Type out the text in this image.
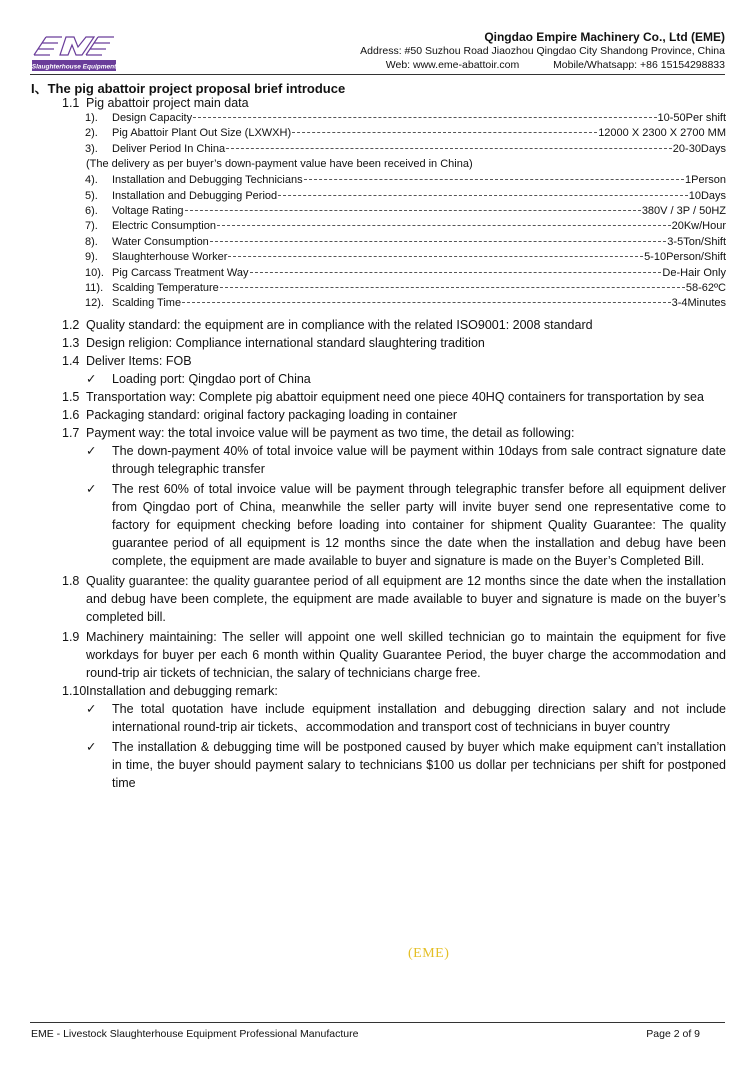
Slaughterhouse Equipment
Qingdao Empire Machinery Co., Ltd (EME)
Address: #50 Suzhou Road Jiaozhou Qingdao City Shandong Province, China
Web: www.eme-abattoir.com	Mobile/Whatsapp: +86 15154298833
I、The pig abattoir project proposal brief introduce
1.1 Pig abattoir project main data
1).	Design Capacity	10-50Per shift
2).	Pig Abattoir Plant Out Size (LXWXH)	12000 X 2300 X 2700 MM
3).	Deliver Period In China	20-30Days
(The delivery as per buyer’s down-payment value have been received in China)
4).	Installation and Debugging Technicians	1Person
5).	Installation and Debugging Period	10Days
6).	Voltage Rating	380V / 3P / 50HZ
7).	Electric Consumption	20Kw/Hour
8).	Water Consumption	3-5Ton/Shift
9).	Slaughterhouse Worker	5-10Person/Shift
10). Pig Carcass Treatment Way	De-Hair Only
11). Scalding Temperature	58-62ºC
12). Scalding Time	3-4Minutes
1.2 Quality standard: the equipment are in compliance with the related ISO9001: 2008 standard
1.3 Design religion: Compliance international standard slaughtering tradition
1.4 Deliver Items: FOB
✓	Loading port: Qingdao port of China
1.5 Transportation way: Complete pig abattoir equipment need one piece 40HQ containers for transportation by sea
1.6 Packaging standard: original factory packaging loading in container
1.7 Payment way: the total invoice value will be payment as two time, the detail as following:
✓	The down-payment 40% of total invoice value will be payment within 10days from sale contract signature date through telegraphic transfer
✓	The rest 60% of total invoice value will be payment through telegraphic transfer before all equipment deliver from Qingdao port of China, meanwhile the seller party will invite buyer send one representative come to factory for equipment checking before loading into container for shipment Quality Guarantee: The quality guarantee period of all equipment is 12 months since the date when the installation and debug have been complete, the equipment are made available to buyer and signature is made on the Buyer’s Completed Bill.
1.8 Quality guarantee: the quality guarantee period of all equipment are 12 months since the date when the installation and debug have been complete, the equipment are made available to buyer and signature is made on the buyer’s completed bill.
1.9 Machinery maintaining: The seller will appoint one well skilled technician go to maintain the equipment for five workdays for buyer per each 6 month within Quality Guarantee Period, the buyer charge the accommodation and round-trip air tickets of technician, the salary of technicians charge free.
1.10 Installation and debugging remark:
✓	The total quotation have include equipment installation and debugging direction salary and not include international round-trip air tickets、accommodation and transport cost of technicians in buyer country
✓	The installation & debugging time will be postponed caused by buyer which make equipment can’t installation in time, the buyer should payment salary to technicians $100 us dollar per technicians per shift for postponed time
(EME)
EME - Livestock Slaughterhouse Equipment Professional Manufacture	Page 2 of 9
